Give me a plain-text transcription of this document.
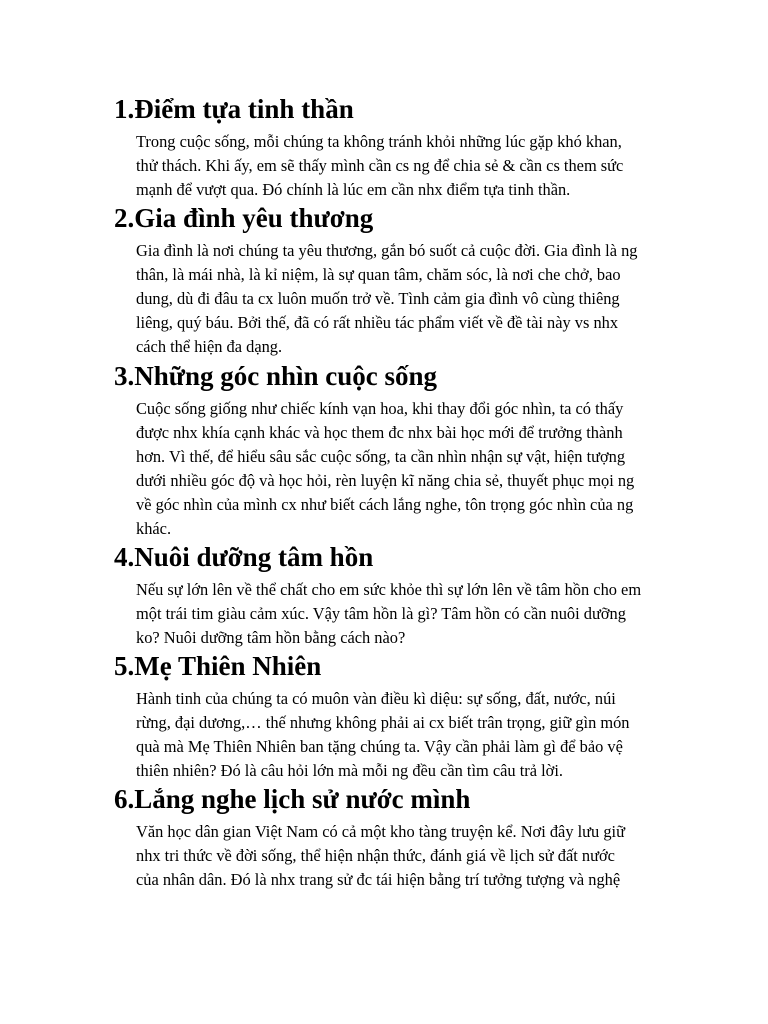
1.Điểm tựa tinh thần

Trong cuộc sống, mỗi chúng ta không tránh khỏi những lúc gặp khó khan,
thử thách. Khi ấy, em sẽ thấy mình cần cs ng để chia sẻ & cần cs them sức
mạnh để vượt qua. Đó chính là lúc em cần nhx điểm tựa tinh thần.

2.Gia đình yêu thương

Gia đình là nơi chúng ta yêu thương, gắn bó suốt cả cuộc đời. Gia đình là ng
thân, là mái nhà, là kỉ niệm, là sự quan tâm, chăm sóc, là nơi che chở, bao
dung, dù đi đâu ta cx luôn muốn trở về. Tình cảm gia đình vô cùng thiêng
liêng, quý báu. Bởi thế, đã có rất nhiều tác phẩm viết về đề tài này vs nhx
cách thể hiện đa dạng.

3.Những góc nhìn cuộc sống

Cuộc sống giống như chiếc kính vạn hoa, khi thay đổi góc nhìn, ta có thấy
được nhx khía cạnh khác và học them đc nhx bài học mới để trưởng thành
hơn. Vì thế, để hiểu sâu sắc cuộc sống, ta cần nhìn nhận sự vật, hiện tượng
dưới nhiều góc độ và học hỏi, rèn luyện kĩ năng chia sẻ, thuyết phục mọi ng
về góc nhìn của mình cx như biết cách lắng nghe, tôn trọng góc nhìn của ng
khác.

4.Nuôi dưỡng tâm hồn

Nếu sự lớn lên về thể chất cho em sức khỏe thì sự lớn lên về tâm hồn cho em
một trái tim giàu cảm xúc. Vậy tâm hồn là gì? Tâm hồn có cần nuôi dưỡng
ko? Nuôi dưỡng tâm hồn bằng cách nào?

5.Mẹ Thiên Nhiên

Hành tinh của chúng ta có muôn vàn điều kì diệu: sự sống, đất, nước, núi
rừng, đại dương,… thế nhưng không phải ai cx biết trân trọng, giữ gìn món
quà mà Mẹ Thiên Nhiên ban tặng chúng ta. Vậy cần phải làm gì để bảo vệ
thiên nhiên? Đó là câu hỏi lớn mà mỗi ng đều cần tìm câu trả lời.

6.Lắng nghe lịch sử nước mình

Văn học dân gian Việt Nam có cả một kho tàng truyện kể. Nơi đây lưu giữ
nhx tri thức về đời sống, thể hiện nhận thức, đánh giá về lịch sử đất nước
của nhân dân. Đó là nhx trang sử đc tái hiện bằng trí tưởng tượng và nghệ
